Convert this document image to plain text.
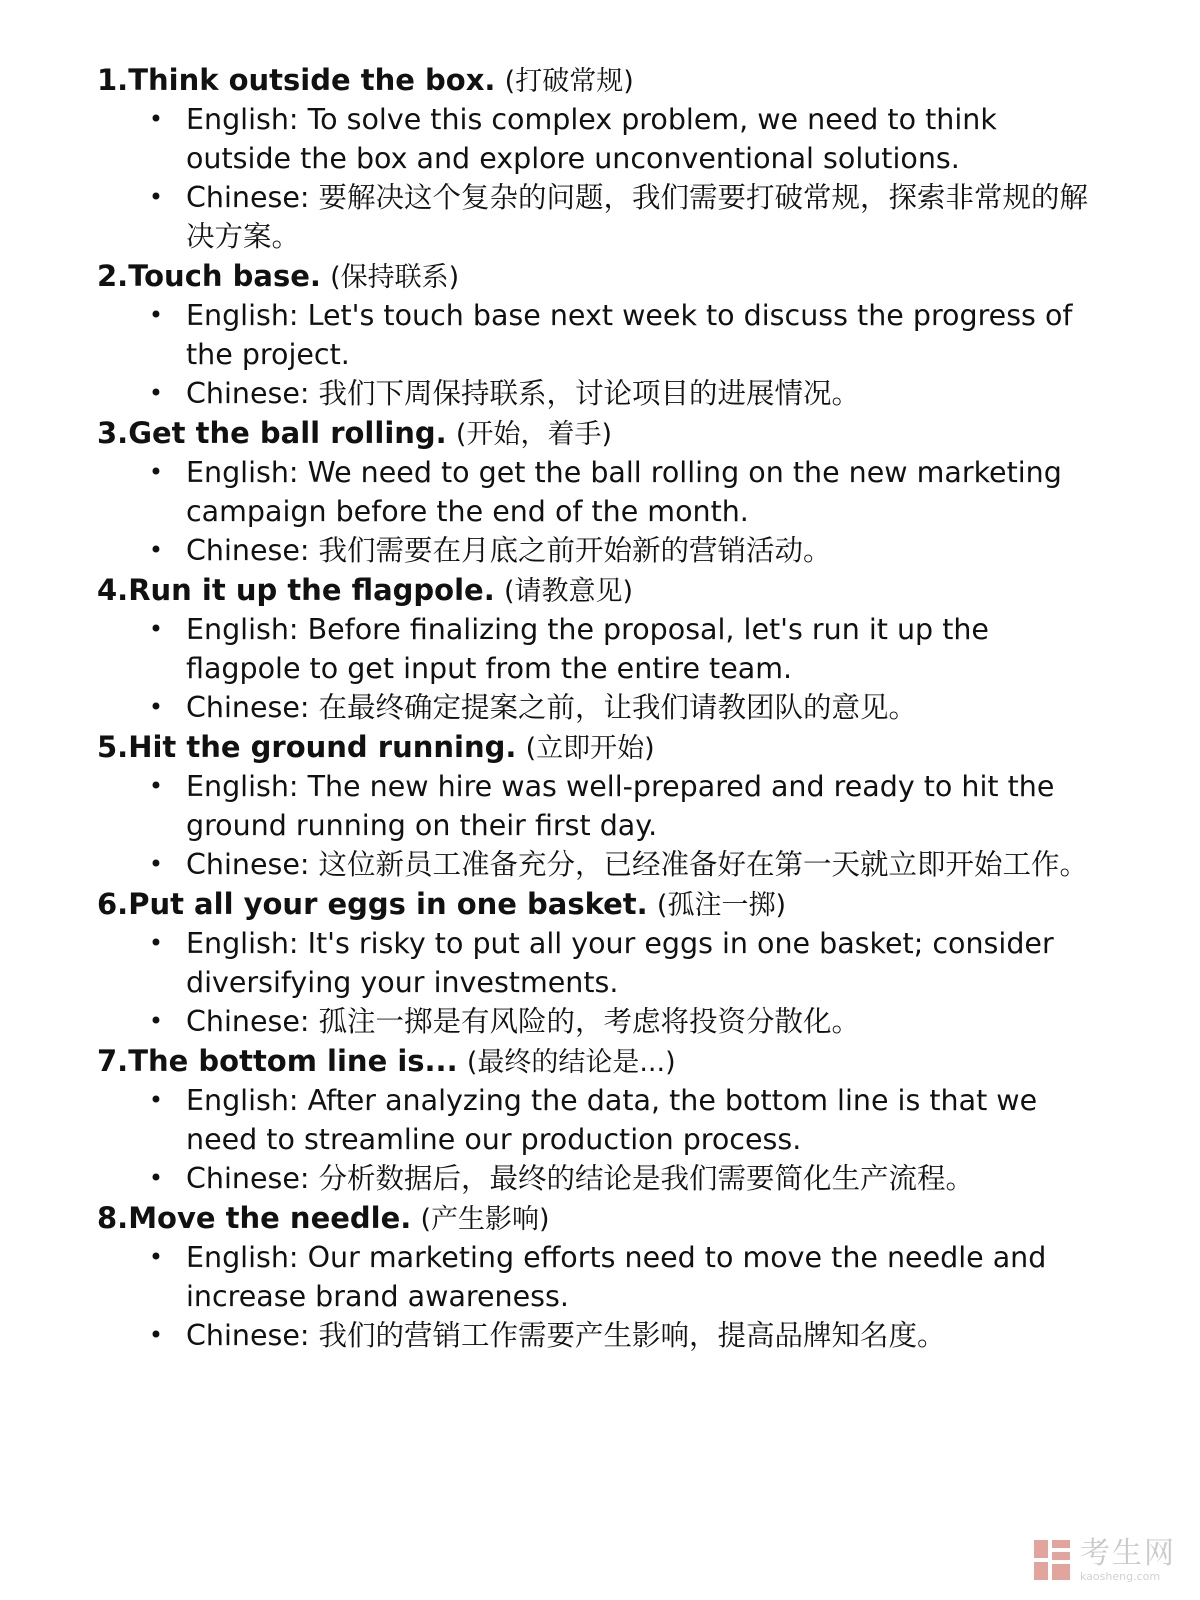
1.Think outside the box. (打破常规)
• English: To solve this complex problem, we need to think outside the box and explore unconventional solutions.
• Chinese: 要解决这个复杂的问题，我们需要打破常规，探索非常规的解决方案。
2.Touch base. (保持联系)
• English: Let's touch base next week to discuss the progress of the project.
• Chinese: 我们下周保持联系，讨论项目的进展情况。
3.Get the ball rolling. (开始，着手)
• English: We need to get the ball rolling on the new marketing campaign before the end of the month.
• Chinese: 我们需要在月底之前开始新的营销活动。
4.Run it up the flagpole. (请教意见)
• English: Before finalizing the proposal, let's run it up the flagpole to get input from the entire team.
• Chinese: 在最终确定提案之前，让我们请教团队的意见。
5.Hit the ground running. (立即开始)
• English: The new hire was well-prepared and ready to hit the ground running on their first day.
• Chinese: 这位新员工准备充分，已经准备好在第一天就立即开始工作。
6.Put all your eggs in one basket. (孤注一掷)
• English: It's risky to put all your eggs in one basket; consider diversifying your investments.
• Chinese: 孤注一掷是有风险的，考虑将投资分散化。
7.The bottom line is... (最终的结论是...)
• English: After analyzing the data, the bottom line is that we need to streamline our production process.
• Chinese: 分析数据后，最终的结论是我们需要简化生产流程。
8.Move the needle. (产生影响)
• English: Our marketing efforts need to move the needle and increase brand awareness.
• Chinese: 我们的营销工作需要产生影响，提高品牌知名度。
考生网
kaosheng.com
